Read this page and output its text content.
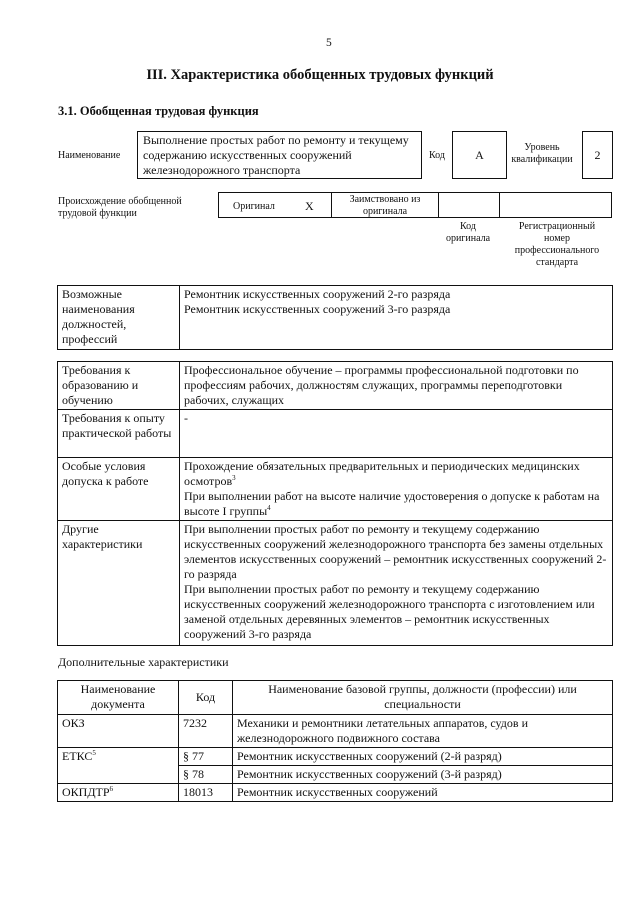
5
III. Характеристика обобщенных трудовых функций
3.1. Обобщенная трудовая функция
Наименование
Выполнение простых работ по ремонту и текущему содержанию искусственных сооружений железнодорожного транспорта
Код	А
Уровень квалификации	2
Происхождение обобщенной трудовой функции
Оригинал	X	Заимствовано из оригинала
Код оригинала
Регистрационный номер профессионального стандарта
Возможные наименования должностей, профессий	
Ремонтник искусственных сооружений 2-го разряда
Ремонтник искусственных сооружений 3-го разряда
Требования к образованию и обучению	Профессиональное обучение – программы профессиональной подготовки по профессиям рабочих, должностям служащих, программы переподготовки рабочих, служащих
Требования к опыту практической работы	-
Особые условия допуска к работе	Прохождение обязательных предварительных и периодических медицинских осмотров$^3$
При выполнении работ на высоте наличие удостоверения о допуске к работам на высоте I группы$^4$

Другие характеристики	При выполнении простых работ по ремонту и текущему содержанию искусственных сооружений железнодорожного транспорта без замены отдельных элементов искусственных сооружений – ремонтник искусственных сооружений 2-го разряда
При выполнении простых работ по ремонту и текущему содержанию искусственных сооружений железнодорожного транспорта с изготовлением или заменой отдельных деревянных элементов – ремонтник искусственных сооружений 3-го разряда
Дополнительные характеристики
Наименование документа	Код	Наименование базовой группы, должности (профессии) или специальности
ОКЗ	7232	Механики и ремонтники летательных аппаратов, судов и железнодорожного подвижного состава
ЕТКС$^5$	§ 77	Ремонтник искусственных сооружений (2-й разряд)
	§ 78	Ремонтник искусственных сооружений (3-й разряд)
ОКПДТР$^6$	18013	Ремонтник искусственных сооружений
